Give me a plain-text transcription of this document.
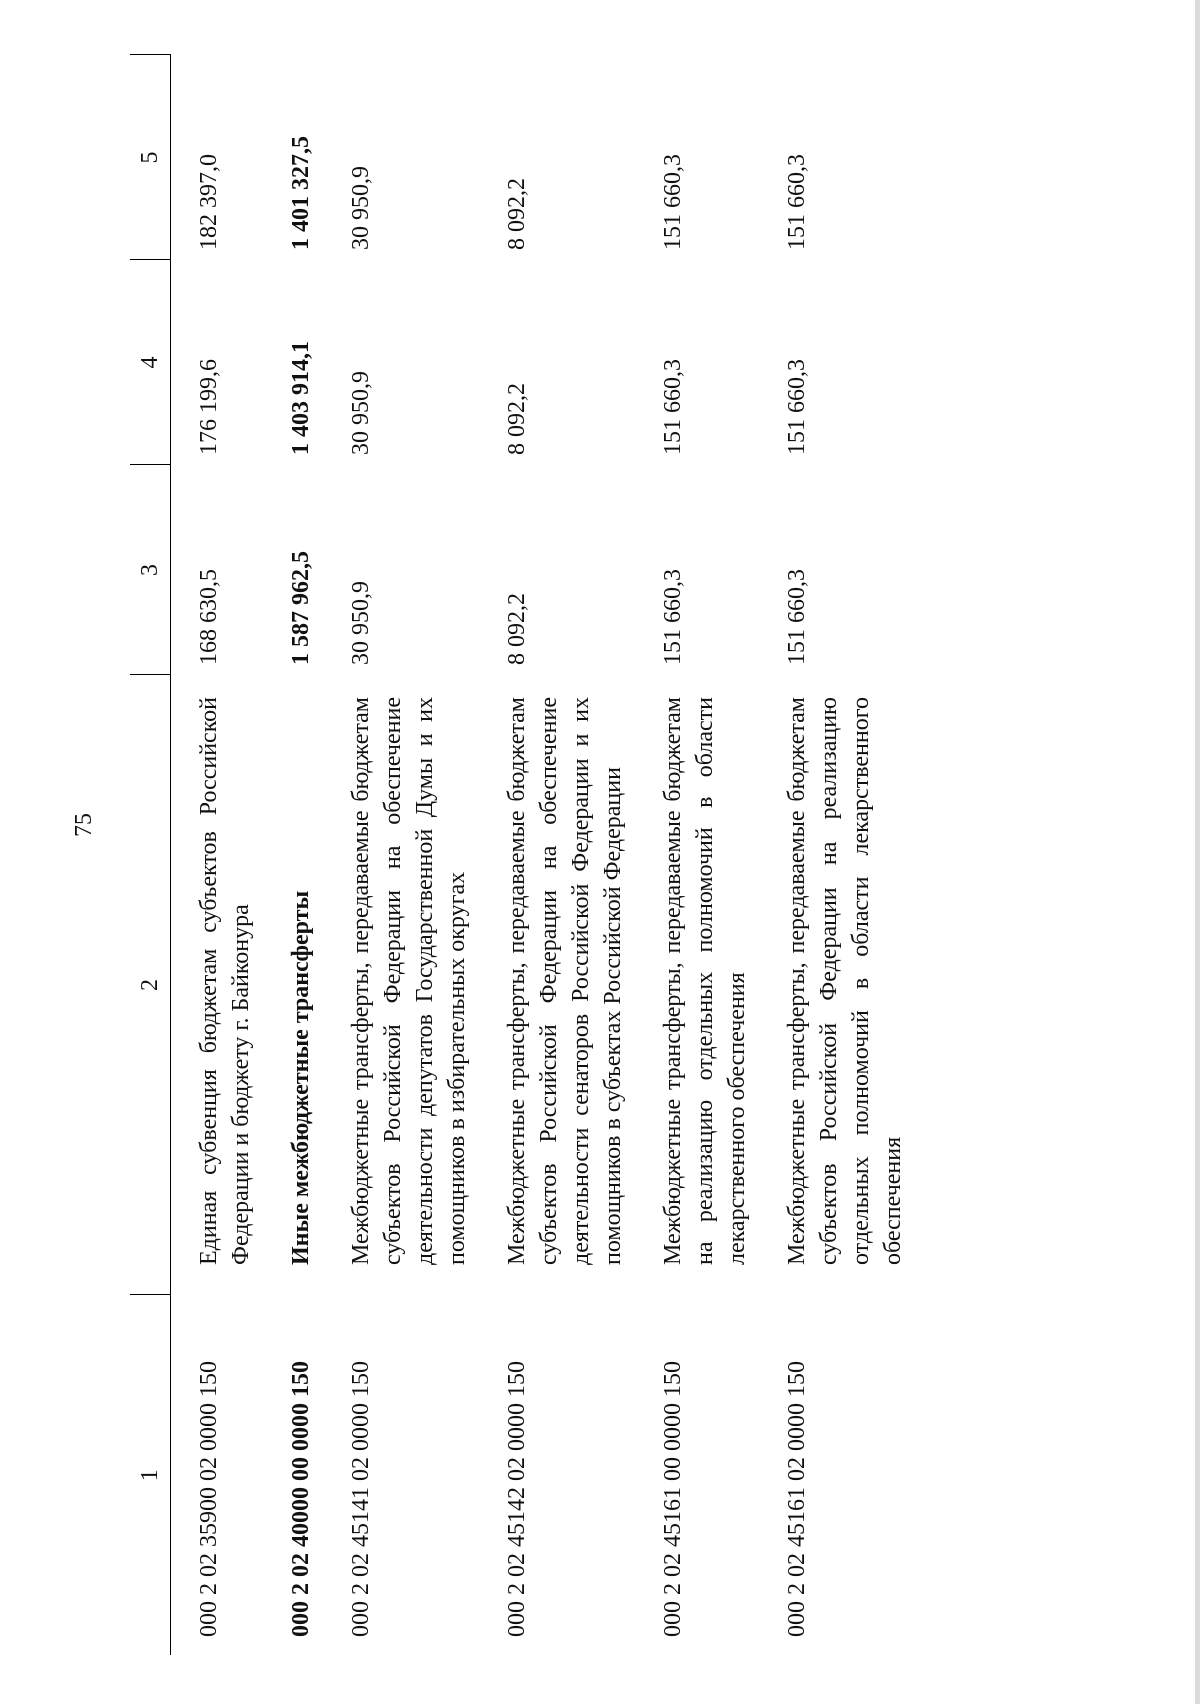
75
1	2	3	4	5
000 2 02 35900 02 0000 150	Единая субвенция бюджетам субъектов Российской Федерации и бюджету г. Байконура	168 630,5	176 199,6	182 397,0
000 2 02 40000 00 0000 150	Иные межбюджетные трансферты	1 587 962,5	1 403 914,1	1 401 327,5
000 2 02 45141 02 0000 150	Межбюджетные трансферты, передаваемые бюджетам субъектов Российской Федерации на обеспечение деятельности депутатов Государственной Думы и их помощников в избирательных округах	30 950,9	30 950,9	30 950,9
000 2 02 45142 02 0000 150	Межбюджетные трансферты, передаваемые бюджетам субъектов Российской Федерации на обеспечение деятельности сенаторов Российской Федерации и их помощников в субъектах Российской Федерации	8 092,2	8 092,2	8 092,2
000 2 02 45161 00 0000 150	Межбюджетные трансферты, передаваемые бюджетам на реализацию отдельных полномочий в области лекарственного обеспечения	151 660,3	151 660,3	151 660,3
000 2 02 45161 02 0000 150	Межбюджетные трансферты, передаваемые бюджетам субъектов Российской Федерации на реализацию отдельных полномочий в области лекарственного обеспечения	151 660,3	151 660,3	151 660,3
